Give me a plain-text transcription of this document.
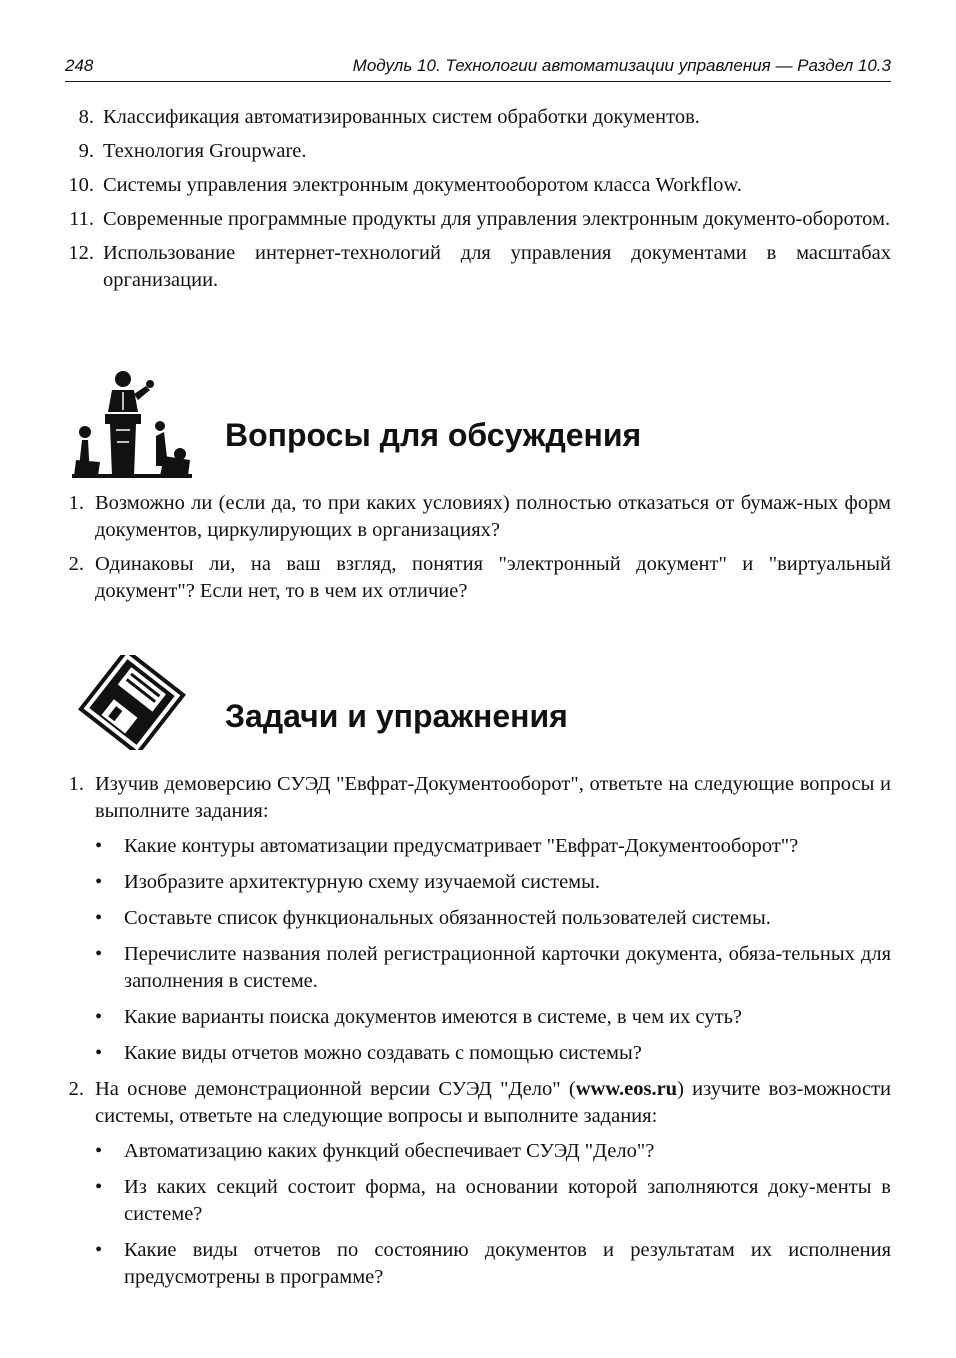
248	Модуль 10. Технологии автоматизации управления — Раздел 10.3
8. Классификация автоматизированных систем обработки документов.
9. Технология Groupware.
10. Системы управления электронным документооборотом класса Workflow.
11. Современные программные продукты для управления электронным документо-оборотом.
12. Использование интернет-технологий для управления документами в масштабах организации.
Вопросы для обсуждения
1. Возможно ли (если да, то при каких условиях) полностью отказаться от бумаж-ных форм документов, циркулирующих в организациях?
2. Одинаковы ли, на ваш взгляд, понятия "электронный документ" и "виртуальный документ"? Если нет, то в чем их отличие?
Задачи и упражнения
1. Изучив демоверсию СУЭД "Евфрат-Документооборот", ответьте на следующие вопросы и выполните задания:
• Какие контуры автоматизации предусматривает "Евфрат-Документооборот"?
• Изобразите архитектурную схему изучаемой системы.
• Составьте список функциональных обязанностей пользователей системы.
• Перечислите названия полей регистрационной карточки документа, обяза-тельных для заполнения в системе.
• Какие варианты поиска документов имеются в системе, в чем их суть?
• Какие виды отчетов можно создавать с помощью системы?
2. На основе демонстрационной версии СУЭД "Дело" (www.eos.ru) изучите воз-можности системы, ответьте на следующие вопросы и выполните задания:
• Автоматизацию каких функций обеспечивает СУЭД "Дело"?
• Из каких секций состоит форма, на основании которой заполняются доку-менты в системе?
• Какие виды отчетов по состоянию документов и результатам их исполнения предусмотрены в программе?
